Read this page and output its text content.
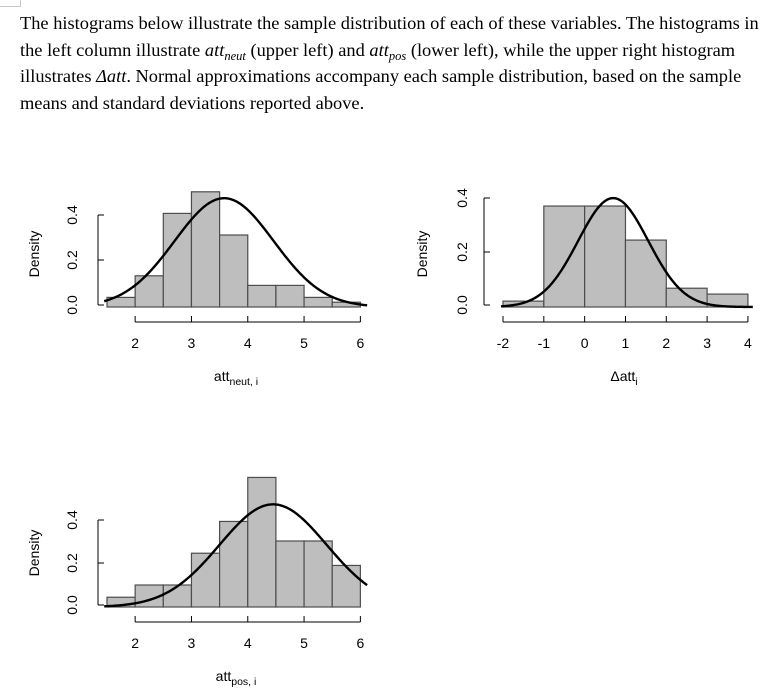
The histograms below illustrate the sample distribution of each of these variables. The histograms in the left column illustrate att$_{neut}$ (upper left) and att$_{pos}$ (lower left), while the upper right histogram illustrates Δatt. Normal approximations accompany each sample distribution, based on the sample means and standard deviations reported above.
2	3	4	5	6
0.0
0.2
0.4
Density
att$_{neut, i}$
-2 -1 0 1 2 3 4
0.0
0.2
0.4
Density
Δatt$_i$
2	3	4	5	6
0.0
0.2
0.4
Density
att$_{pos, i}$
